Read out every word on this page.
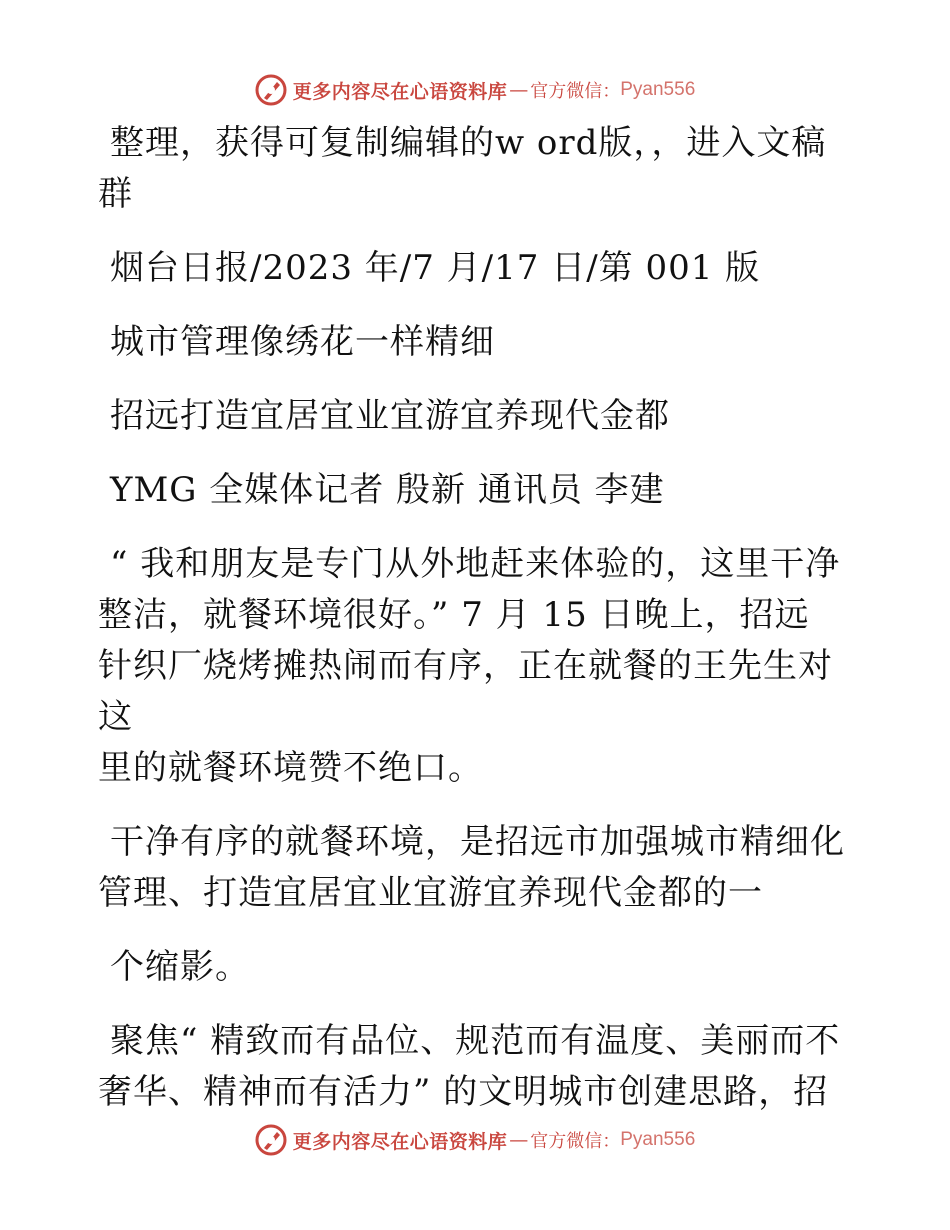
更多内容尽在心语资料库 — 官方微信： Pyan556

整理，获得可复制编辑的w ord版，，进入文稿

群

烟台日报/2023 年/7 月/17 日/第 001 版

城市管理像绣花一样精细

招远打造宜居宜业宜游宜养现代金都

YMG 全媒体记者 殷新 通讯员 李建

“ 我和朋友是专门从外地赶来体验的，这里干净

整洁，就餐环境很好。” 7 月 15 日晚上，招远

针织厂烧烤摊热闹而有序，正在就餐的王先生对这

里的就餐环境赞不绝口。

干净有序的就餐环境，是招远市加强城市精细化

管理、打造宜居宜业宜游宜养现代金都的一

个缩影。

聚焦“ 精致而有品位、规范而有温度、美丽而不

奢华、精神而有活力” 的文明城市创建思路，招

更多内容尽在心语资料库 — 官方微信： Pyan556
